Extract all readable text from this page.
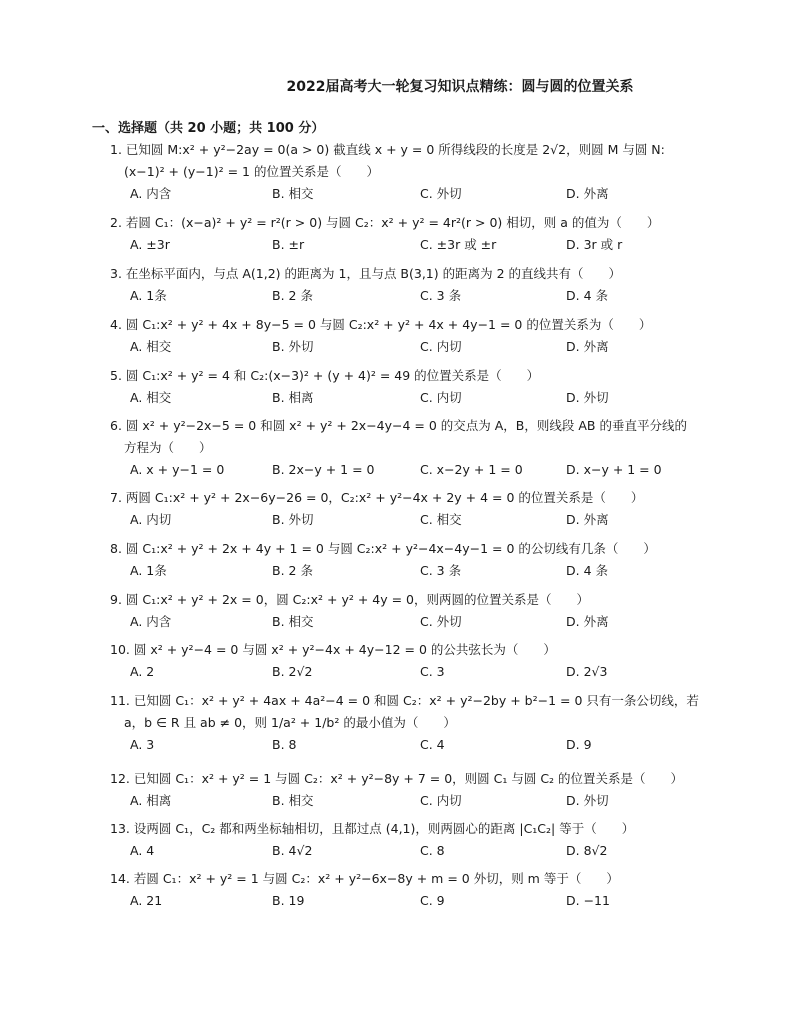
2022届高考大一轮复习知识点精练：圆与圆的位置关系
一、选择题（共 20 小题；共 100 分）
1. 已知圆 M:x² + y²−2ay = 0(a > 0) 截直线 x + y = 0 所得线段的长度是 2√2，则圆 M 与圆 N:
(x−1)² + (y−1)² = 1 的位置关系是（　　）
A. 内含	B. 相交	C. 外切	D. 外离
2. 若圆 C₁：(x−a)² + y² = r²(r > 0) 与圆 C₂：x² + y² = 4r²(r > 0) 相切，则 a 的值为（　　）
A. ±3r	B. ±r	C. ±3r 或 ±r	D. 3r 或 r
3. 在坐标平面内，与点 A(1,2) 的距离为 1，且与点 B(3,1) 的距离为 2 的直线共有（　　）
A. 1条	B. 2 条	C. 3 条	D. 4 条
4. 圆 C₁:x² + y² + 4x + 8y−5 = 0 与圆 C₂:x² + y² + 4x + 4y−1 = 0 的位置关系为（　　）
A. 相交	B. 外切	C. 内切	D. 外离
5. 圆 C₁:x² + y² = 4 和 C₂:(x−3)² + (y + 4)² = 49 的位置关系是（　　）
A. 相交	B. 相离	C. 内切	D. 外切
6. 圆 x² + y²−2x−5 = 0 和圆 x² + y² + 2x−4y−4 = 0 的交点为 A，B，则线段 AB 的垂直平分线的
方程为（　　）
A. x + y−1 = 0	B. 2x−y + 1 = 0	C. x−2y + 1 = 0	D. x−y + 1 = 0
7. 两圆 C₁:x² + y² + 2x−6y−26 = 0，C₂:x² + y²−4x + 2y + 4 = 0 的位置关系是（　　）
A. 内切	B. 外切	C. 相交	D. 外离
8. 圆 C₁:x² + y² + 2x + 4y + 1 = 0 与圆 C₂:x² + y²−4x−4y−1 = 0 的公切线有几条（　　）
A. 1条	B. 2 条	C. 3 条	D. 4 条
9. 圆 C₁:x² + y² + 2x = 0，圆 C₂:x² + y² + 4y = 0，则两圆的位置关系是（　　）
A. 内含	B. 相交	C. 外切	D. 外离
10. 圆 x² + y²−4 = 0 与圆 x² + y²−4x + 4y−12 = 0 的公共弦长为（　　）
A. 2	B. 2√2	C. 3	D. 2√3
11. 已知圆 C₁：x² + y² + 4ax + 4a²−4 = 0 和圆 C₂：x² + y²−2by + b²−1 = 0 只有一条公切线，若
a，b ∈ R 且 ab ≠ 0，则 1/a² + 1/b² 的最小值为（　　）
A. 3	B. 8	C. 4	D. 9
12. 已知圆 C₁：x² + y² = 1 与圆 C₂：x² + y²−8y + 7 = 0，则圆 C₁ 与圆 C₂ 的位置关系是（　　）
A. 相离	B. 相交	C. 内切	D. 外切
13. 设两圆 C₁，C₂ 都和两坐标轴相切，且都过点 (4,1)，则两圆心的距离 |C₁C₂| 等于（　　）
A. 4	B. 4√2	C. 8	D. 8√2
14. 若圆 C₁：x² + y² = 1 与圆 C₂：x² + y²−6x−8y + m = 0 外切，则 m 等于（　　）
A. 21	B. 19	C. 9	D. −11
